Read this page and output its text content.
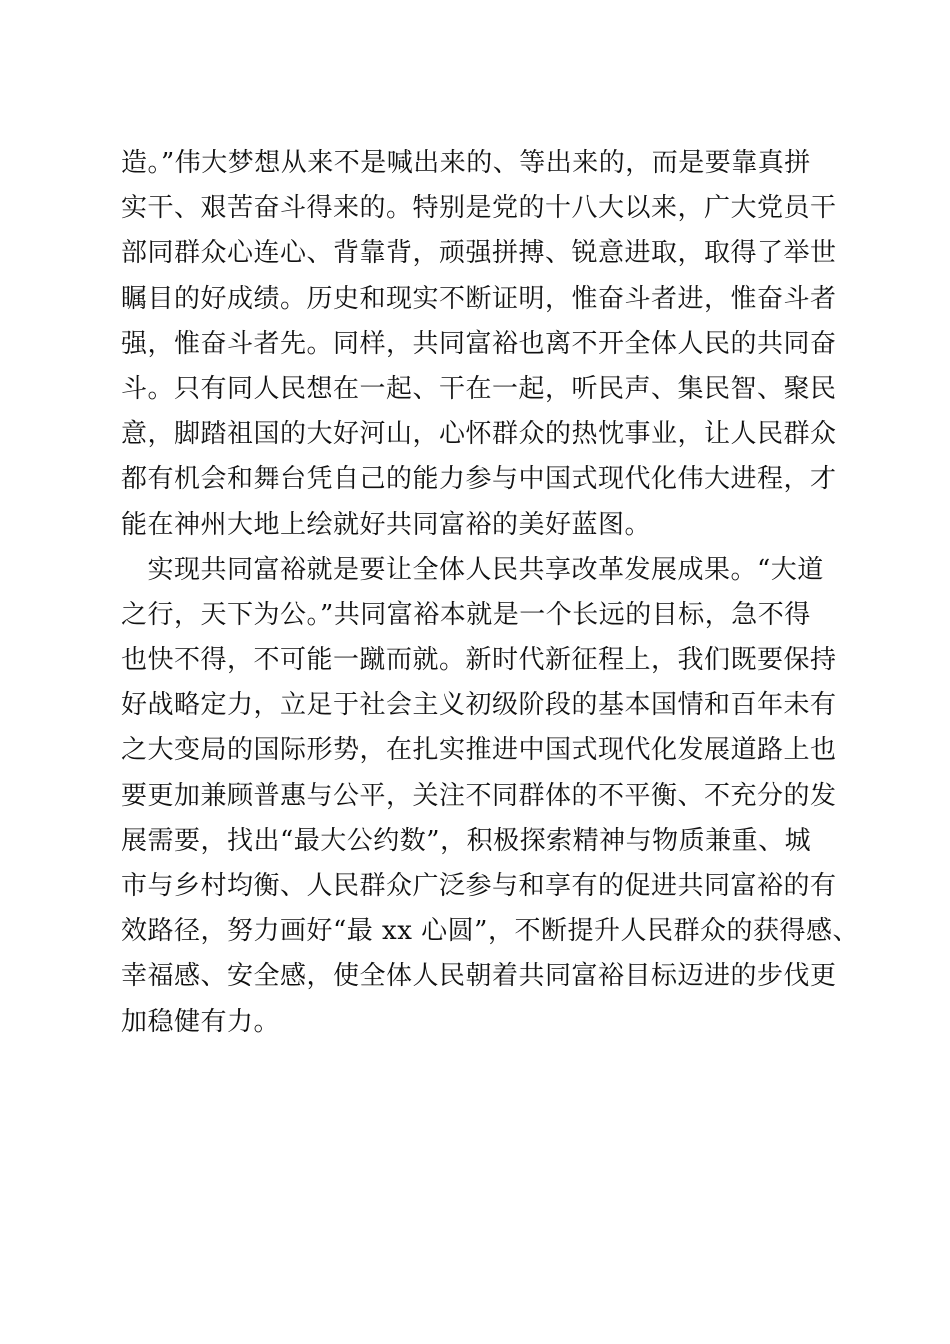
造。”伟大梦想从来不是喊出来的、等出来的，而是要靠真拼
实干、艰苦奋斗得来的。特别是党的十八大以来，广大党员干
部同群众心连心、背靠背，顽强拼搏、锐意进取，取得了举世
瞩目的好成绩。历史和现实不断证明，惟奋斗者进，惟奋斗者
强，惟奋斗者先。同样，共同富裕也离不开全体人民的共同奋
斗。只有同人民想在一起、干在一起，听民声、集民智、聚民
意，脚踏祖国的大好河山，心怀群众的热忱事业，让人民群众
都有机会和舞台凭自己的能力参与中国式现代化伟大进程，才
能在神州大地上绘就好共同富裕的美好蓝图。
　实现共同富裕就是要让全体人民共享改革发展成果。“大道
之行，天下为公。”共同富裕本就是一个长远的目标，急不得
也快不得，不可能一蹴而就。新时代新征程上，我们既要保持
好战略定力，立足于社会主义初级阶段的基本国情和百年未有
之大变局的国际形势，在扎实推进中国式现代化发展道路上也
要更加兼顾普惠与公平，关注不同群体的不平衡、不充分的发
展需要，找出“最大公约数”，积极探索精神与物质兼重、城
市与乡村均衡、人民群众广泛参与和享有的促进共同富裕的有
效路径，努力画好“最 xx 心圆”，不断提升人民群众的获得感、
幸福感、安全感，使全体人民朝着共同富裕目标迈进的步伐更
加稳健有力。
